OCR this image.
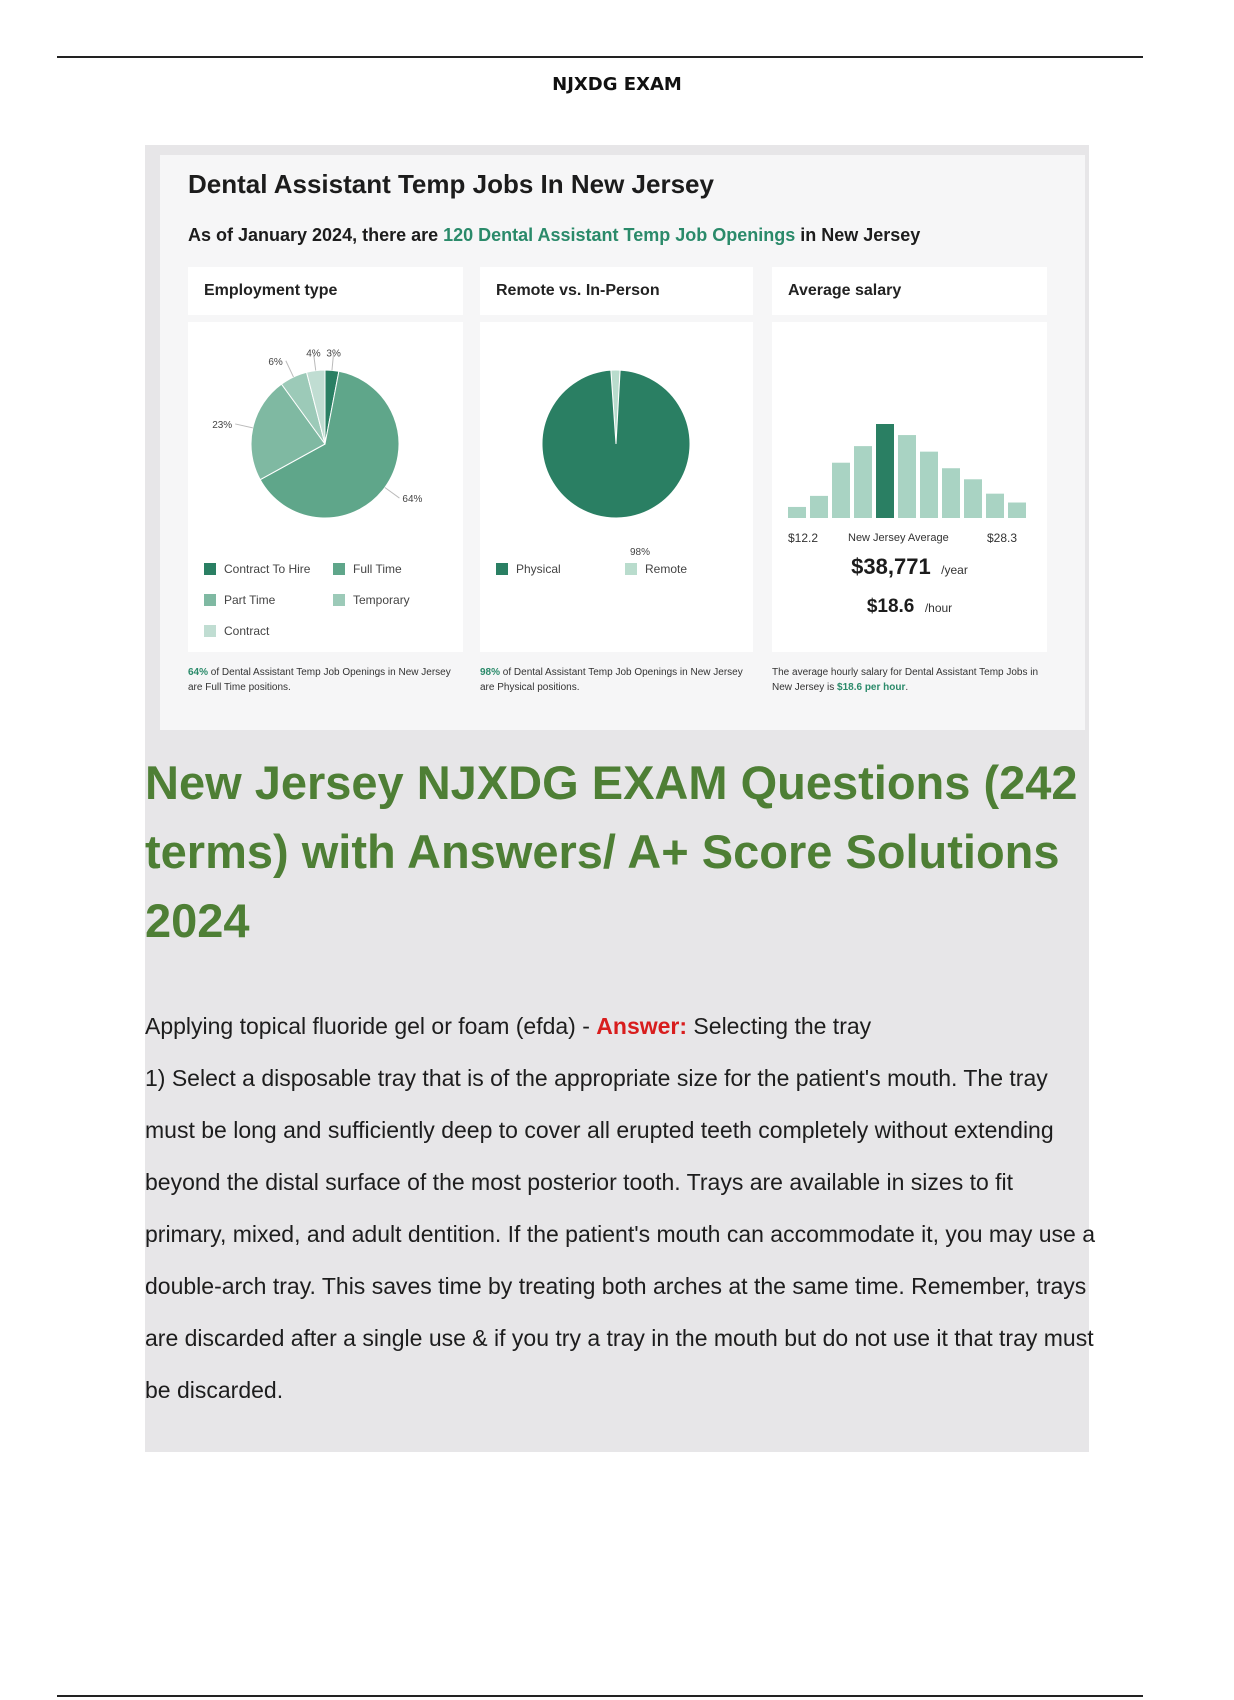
NJXDG EXAM
Dental Assistant Temp Jobs In New Jersey
As of January 2024, there are 120 Dental Assistant Temp Job Openings in New Jersey
Employment type
3%
64%
23%
6%
4%
Contract To Hire	Full Time
Part Time	Temporary
Contract
64% of Dental Assistant Temp Job Openings in New Jersey are Full Time positions.
Remote vs. In-Person
98%
Physical	Remote
98% of Dental Assistant Temp Job Openings in New Jersey are Physical positions.
Average salary
$12.2	New Jersey Average	$28.3
$38,771 /year
$18.6 /hour
The average hourly salary for Dental Assistant Temp Jobs in New Jersey is $18.6 per hour.
New Jersey NJXDG EXAM Questions (242 terms) with Answers/ A+ Score Solutions 2024
Applying topical fluoride gel or foam (efda) - Answer: Selecting the tray
1) Select a disposable tray that is of the appropriate size for the patient's mouth. The tray must be long and sufficiently deep to cover all erupted teeth completely without extending beyond the distal surface of the most posterior tooth. Trays are available in sizes to fit primary, mixed, and adult dentition. If the patient's mouth can accommodate it, you may use a double-arch tray. This saves time by treating both arches at the same time. Remember, trays are discarded after a single use & if you try a tray in the mouth but do not use it that tray must be discarded.
